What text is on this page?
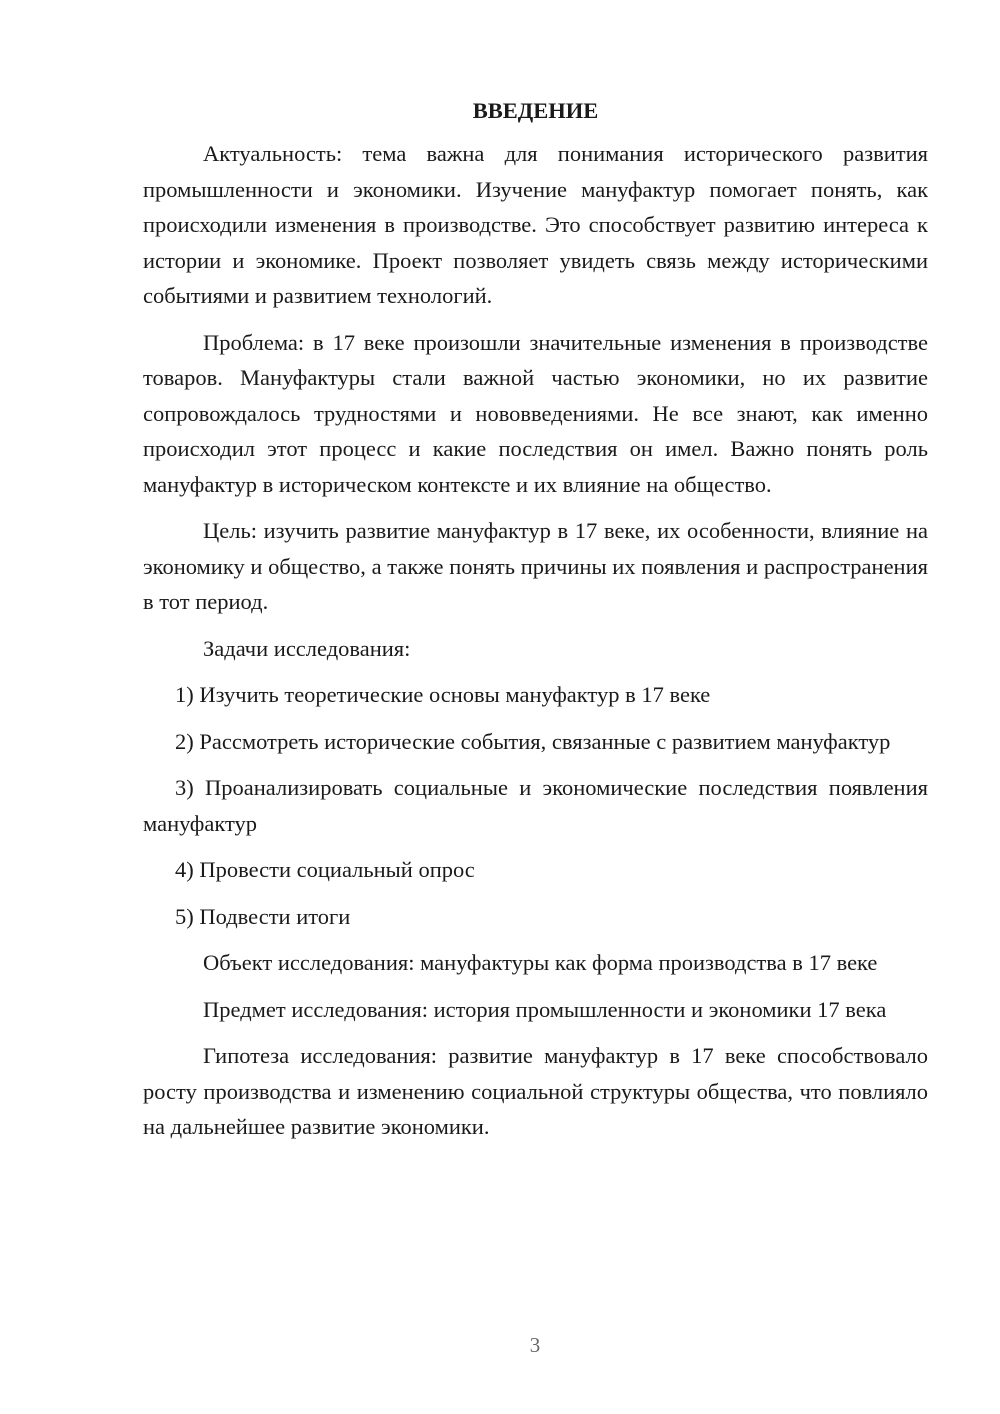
ВВЕДЕНИЕ

Актуальность: тема важна для понимания исторического развития промышленности и экономики. Изучение мануфактур помогает понять, как происходили изменения в производстве. Это способствует развитию интереса к истории и экономике. Проект позволяет увидеть связь между историческими событиями и развитием технологий.

Проблема: в 17 веке произошли значительные изменения в производстве товаров. Мануфактуры стали важной частью экономики, но их развитие сопровождалось трудностями и нововведениями. Не все знают, как именно происходил этот процесс и какие последствия он имел. Важно понять роль мануфактур в историческом контексте и их влияние на общество.

Цель: изучить развитие мануфактур в 17 веке, их особенности, влияние на экономику и общество, а также понять причины их появления и распространения в тот период.

Задачи исследования:

1) Изучить теоретические основы мануфактур в 17 веке

2) Рассмотреть исторические события, связанные с развитием мануфактур

3) Проанализировать социальные и экономические последствия появления мануфактур

4) Провести социальный опрос

5) Подвести итоги

Объект исследования: мануфактуры как форма производства в 17 веке

Предмет исследования: история промышленности и экономики 17 века

Гипотеза исследования: развитие мануфактур в 17 веке способствовало росту производства и изменению социальной структуры общества, что повлияло на дальнейшее развитие экономики.

3
